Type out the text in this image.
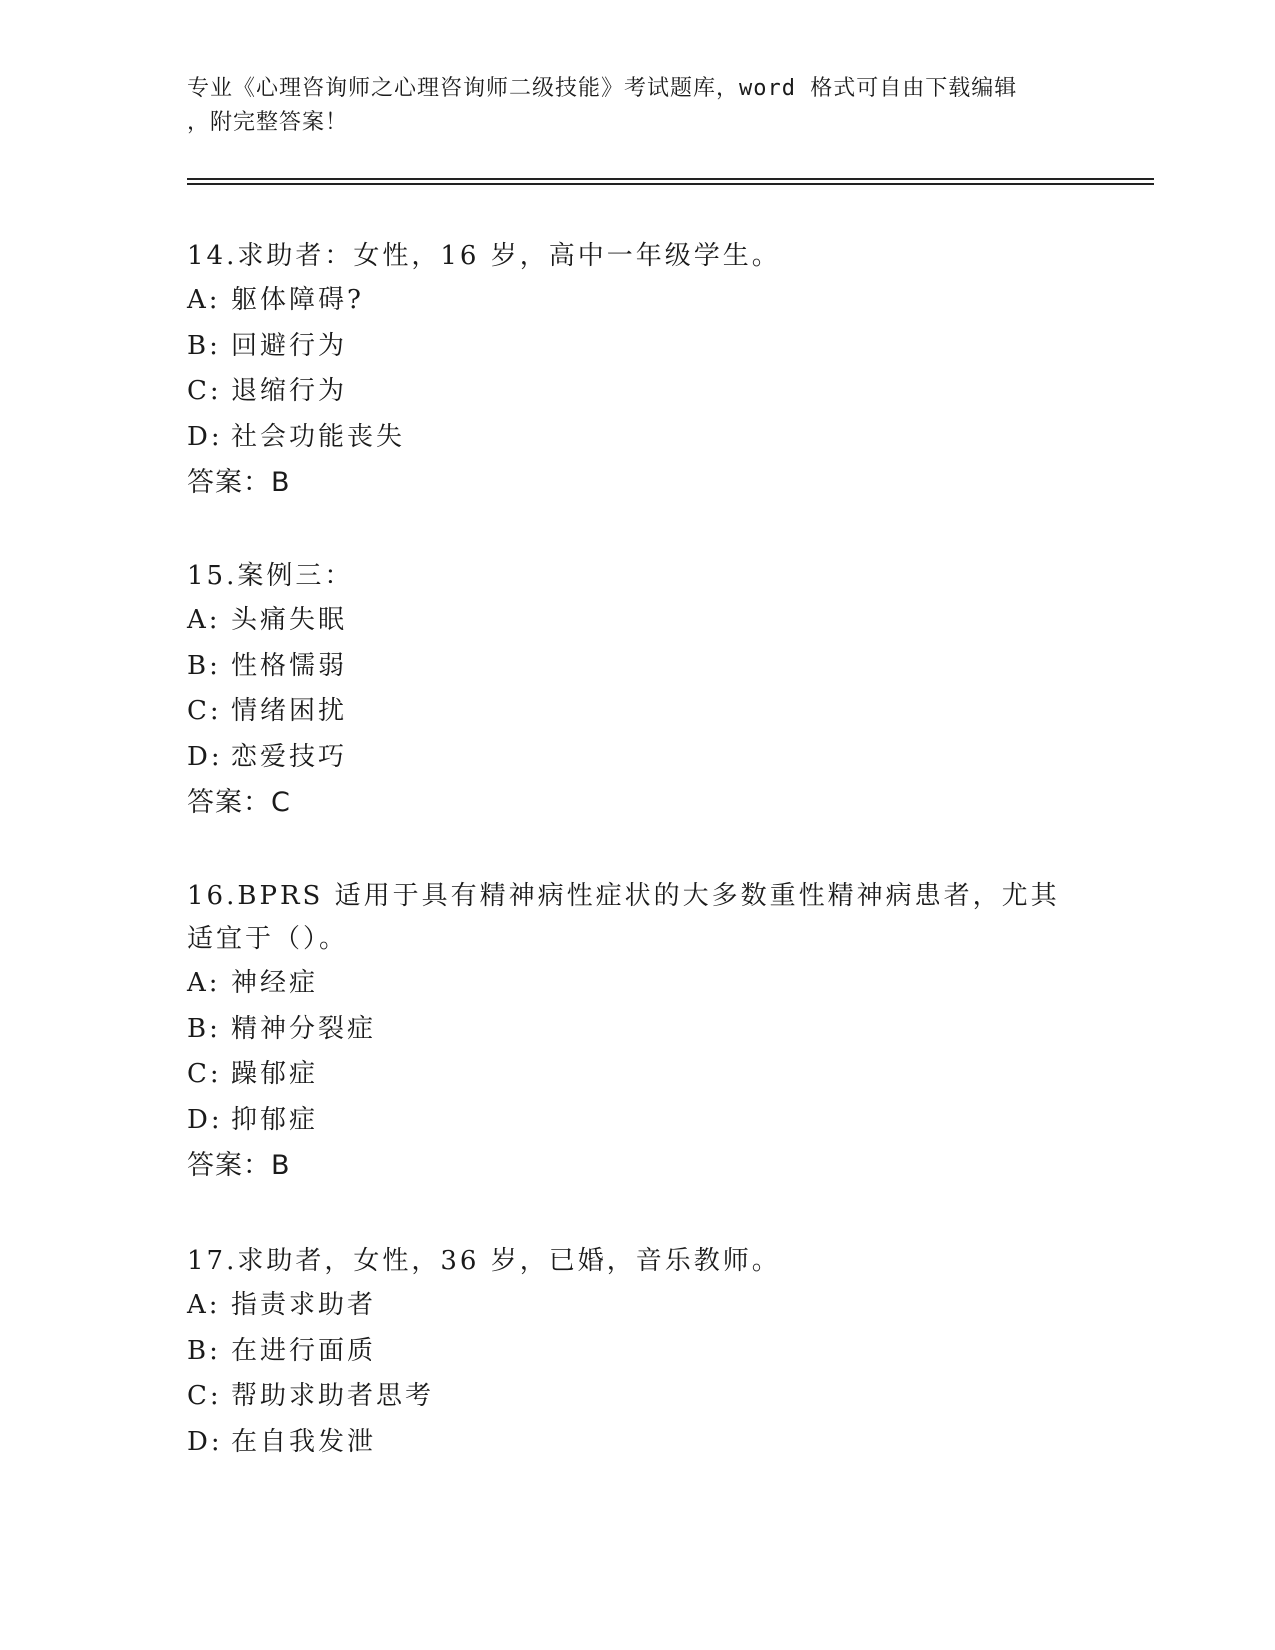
专业《心理咨询师之心理咨询师二级技能》考试题库，word 格式可自由下载编辑
，附完整答案！
14.求助者：女性，16 岁，高中一年级学生。
A: 躯体障碍?
B: 回避行为
C: 退缩行为
D: 社会功能丧失
答案：B
15.案例三：
A: 头痛失眠
B: 性格懦弱
C: 情绪困扰
D: 恋爱技巧
答案：C
16.BPRS 适用于具有精神病性症状的大多数重性精神病患者，尤其适宜于（）。
A: 神经症
B: 精神分裂症
C: 躁郁症
D: 抑郁症
答案：B
17.求助者，女性，36 岁，已婚，音乐教师。
A: 指责求助者
B: 在进行面质
C: 帮助求助者思考
D: 在自我发泄
